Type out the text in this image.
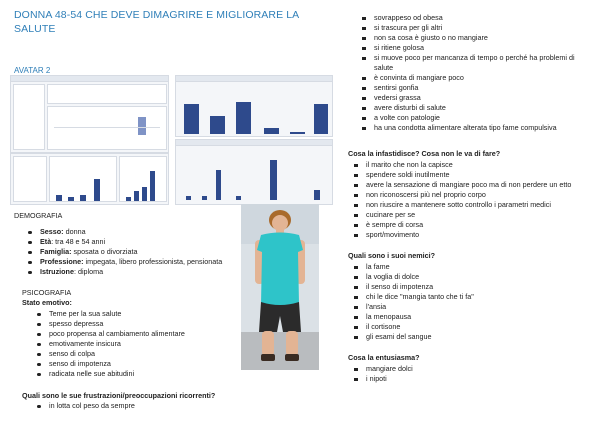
DONNA 48-54 CHE DEVE DIMAGRIRE E MIGLIORARE LA SALUTE
AVATAR 2
DEMOGRAFIA
Sesso: donna
Età: tra 48 e 54 anni
Famiglia: sposata o divorziata
Professione: impegata, libero professionista, pensionata
Istruzione: diploma
PSICOGRAFIA
Stato emotivo:
Teme per la sua salute
spesso depressa
poco propensa al cambiamento alimentare
emotivamente insicura
senso di colpa
senso di impotenza
radicata nelle sue abitudini
Quali sono le sue frustrazioni/preoccupazioni ricorrenti?
in lotta col peso da sempre
sovrappeso od obesa
si trascura per gli altri
non sa cosa è giusto o no mangiare
si ritiene golosa
si muove poco per mancanza di tempo o perché ha problemi di salute
è convinta di mangiare poco
sentirsi gonfia
vedersi grassa
avere disturbi di salute
a volte con patologie
ha una condotta alimentare alterata tipo fame compulsiva
Cosa la infastidisce? Cosa non le va di fare?
il marito che non la capisce
spendere soldi inutilmente
avere la sensazione di mangiare poco ma di non perdere un etto
non riconoscersi più nel proprio corpo
non riuscire a mantenere sotto controllo i parametri medici
cucinare per se
è sempre di corsa
sport/movimento
Quali sono i suoi nemici?
la fame
la voglia di dolce
il senso di impotenza
chi le dice "mangia tanto che ti fa"
l'ansia
la menopausa
il cortisone
gli esami del sangue
Cosa la entusiasma?
mangiare dolci
i nipoti
